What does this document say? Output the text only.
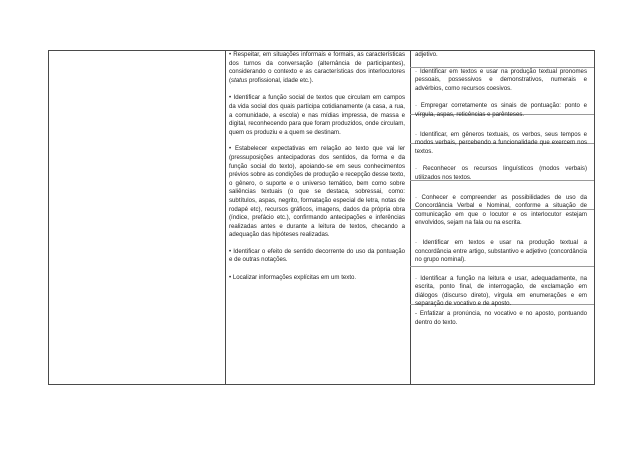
• Respeitar, em situações informais e formais, as características dos turnos da conversação (alternância de participantes), considerando o contexto e as características dos interlocutores (status profissional, idade etc.).

• Identificar a função social de textos que circulam em campos da vida social dos quais participa cotidianamente (a casa, a rua, a comunidade, a escola) e nas mídias impressa, de massa e digital, reconhecendo para que foram produzidos, onde circulam, quem os produziu e a quem se destinam.

• Estabelecer expectativas em relação ao texto que vai ler (pressuposições antecipadoras dos sentidos, da forma e da função social do texto), apoiando-se em seus conhecimentos prévios sobre as condições de produção e recepção desse texto, o gênero, o suporte e o universo temático, bem como sobre saliências textuais (o que se destaca, sobressai, como: subtítulos, aspas, negrito, formatação especial de letra, notas de rodapé etc), recursos gráficos, imagens, dados da própria obra (índice, prefácio etc.), confirmando antecipações e inferências realizadas antes e durante a leitura de textos, checando a adequação das hipóteses realizadas.

• Identificar o efeito de sentido decorrente do uso da pontuação e de outras notações.

• Localizar informações explícitas em um texto.

adjetivo.

· Identificar em textos e usar na produção textual pronomes pessoais, possessivos e demonstrativos, numerais e advérbios, como recursos coesivos.

· Empregar corretamente os sinais de pontuação: ponto e vírgula, aspas, reticências e parênteses.

· Identificar, em gêneros textuais, os verbos, seus tempos e modos verbais, percebendo a funcionalidade que exercem nos textos.

· Reconhecer os recursos linguísticos (modos verbais) utilizados nos textos.

· Conhecer e compreender as possibilidades de uso da Concordância Verbal e Nominal, conforme a situação de comunicação em que o locutor e os interlocutor estejam envolvidos, sejam na fala ou na escrita.

· Identificar em textos e usar na produção textual a concordância entre artigo, substantivo e adjetivo (concordância no grupo nominal).

· Identificar a função na leitura e usar, adequadamente, na escrita, ponto final, de interrogação, de exclamação em diálogos (discurso direto), vírgula em enumerações e em separação de vocativo e de aposto.

- Enfatizar a pronúncia, no vocativo e no aposto, pontuando dentro do texto.
